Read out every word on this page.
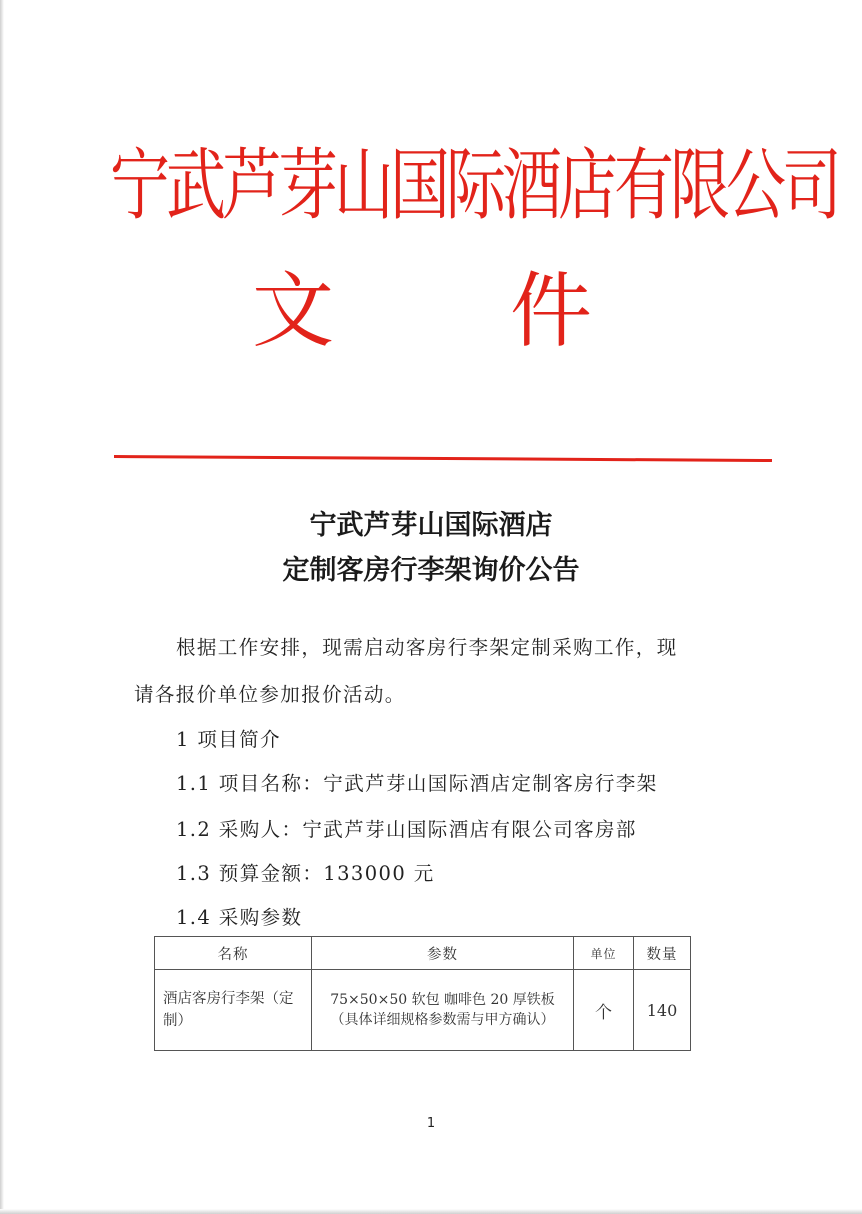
宁武芦芽山国际酒店有限公司
文 件
宁武芦芽山国际酒店
定制客房行李架询价公告
根据工作安排，现需启动客房行李架定制采购工作，现
请各报价单位参加报价活动。
1 项目简介
1.1 项目名称：宁武芦芽山国际酒店定制客房行李架
1.2 采购人：宁武芦芽山国际酒店有限公司客房部
1.3 预算金额：133000 元
1.4 采购参数
名称	参数	单位	数量
酒店客房行李架（定制）	75×50×50 软包 咖啡色 20 厚铁板（具体详细规格参数需与甲方确认）	个	140
1
